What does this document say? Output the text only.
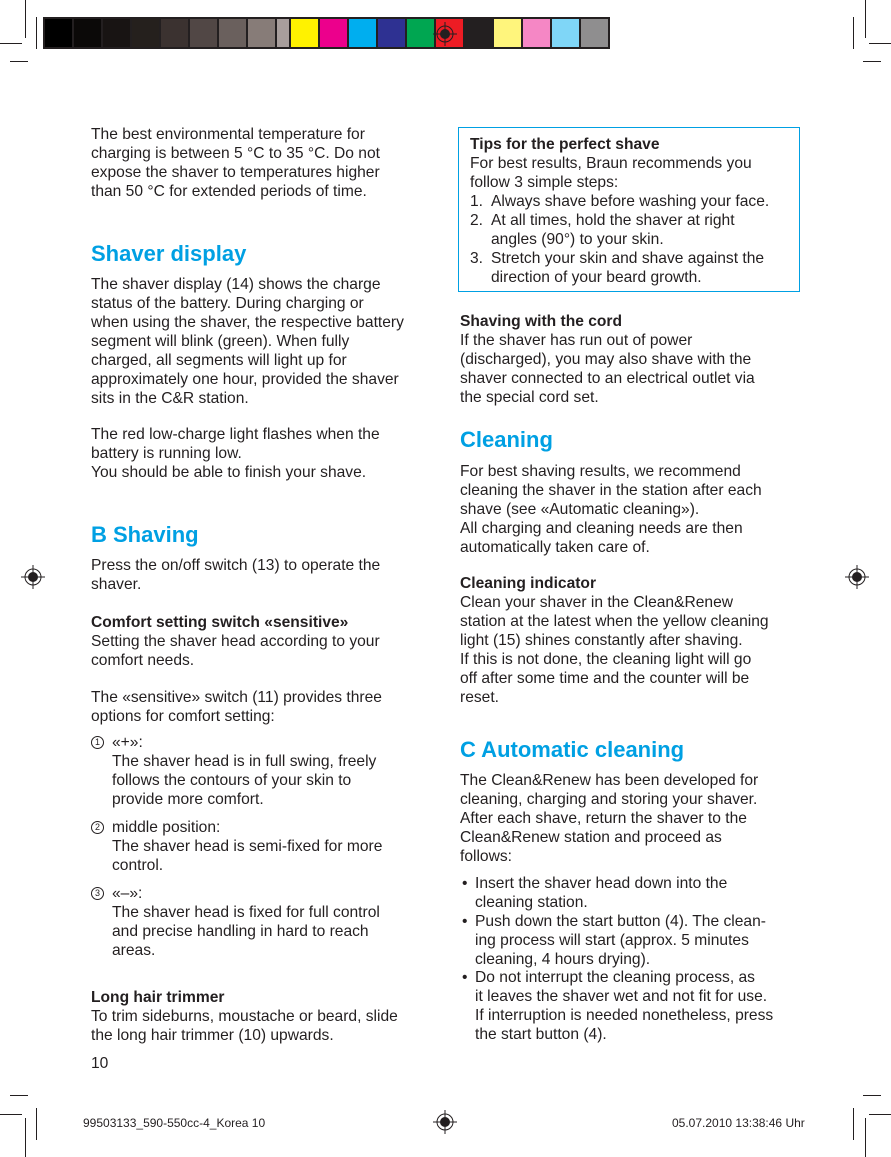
The best environmental temperature for
charging is between 5 °C to 35 °C. Do not
expose the shaver to temperatures higher
than 50 °C for extended periods of time.
Shaver display
The shaver display (14) shows the charge
status of the battery. During charging or
when using the shaver, the respective battery
segment will blink (green). When fully
charged, all segments will light up for
approximately one hour, provided the shaver
sits in the C&R station.
The red low-charge light flashes when the
battery is running low.
You should be able to finish your shave.
B Shaving
Press the on/off switch (13) to operate the
shaver.
Comfort setting switch «sensitive»
Setting the shaver head according to your
comfort needs.
The «sensitive» switch (11) provides three
options for comfort setting:
1 «+»:
The shaver head is in full swing, freely
follows the contours of your skin to
provide more comfort.
2 middle position:
The shaver head is semi-fixed for more
control.
3 «–»:
The shaver head is fixed for full control
and precise handling in hard to reach
areas.
Long hair trimmer
To trim sideburns, moustache or beard, slide
the long hair trimmer (10) upwards.
10
Tips for the perfect shave
For best results, Braun recommends you
follow 3 simple steps:
1. Always shave before washing your face.
2. At all times, hold the shaver at right
angles (90°) to your skin.
3. Stretch your skin and shave against the
direction of your beard growth.
Shaving with the cord
If the shaver has run out of power
(discharged), you may also shave with the
shaver connected to an electrical outlet via
the special cord set.
Cleaning
For best shaving results, we recommend
cleaning the shaver in the station after each
shave (see «Automatic cleaning»).
All charging and cleaning needs are then
automatically taken care of.
Cleaning indicator
Clean your shaver in the Clean&Renew
station at the latest when the yellow cleaning
light (15) shines constantly after shaving.
If this is not done, the cleaning light will go
off after some time and the counter will be
reset.
C Automatic cleaning
The Clean&Renew has been developed for
cleaning, charging and storing your shaver.
After each shave, return the shaver to the
Clean&Renew station and proceed as
follows:
• Insert the shaver head down into the
cleaning station.
• Push down the start button (4). The clean-
ing process will start (approx. 5 minutes
cleaning, 4 hours drying).
• Do not interrupt the cleaning process, as
it leaves the shaver wet and not fit for use.
If interruption is needed nonetheless, press
the start button (4).
99503133_590-550cc-4_Korea 10	05.07.2010 13:38:46 Uhr
